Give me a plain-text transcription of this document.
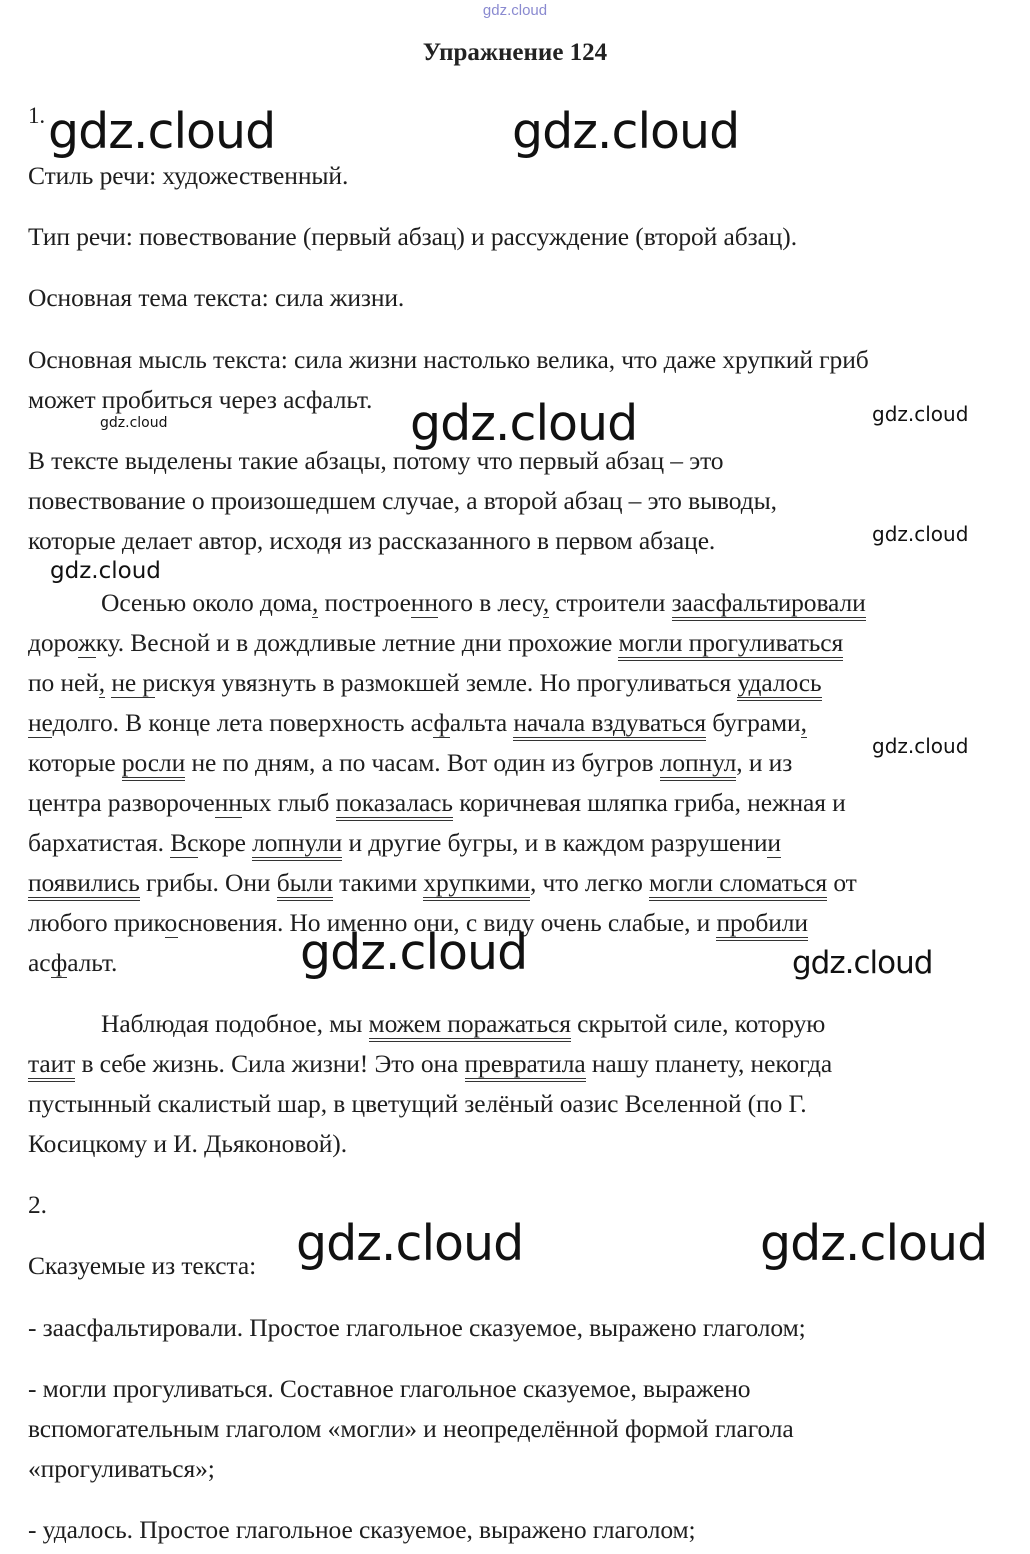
gdz.cloud
Упражнение 124

1.

Стиль речи: художественный.

Тип речи: повествование (первый абзац) и рассуждение (второй абзац).

Основная тема текста: сила жизни.

Основная мысль текста: сила жизни настолько велика, что даже хрупкий гриб

может пробиться через асфальт.

В тексте выделены такие абзацы, потому что первый абзац – это

повествование о произошедшем случае, а второй абзац – это выводы,

которые делает автор, исходя из рассказанного в первом абзаце.

Осенью около дома, построенного в лесу, строители заасфальтировали

дорожку. Весной и в дождливые летние дни прохожие могли прогуливаться

по ней, не рискуя увязнуть в размокшей земле. Но прогуливаться удалось

недолго. В конце лета поверхность асфальта начала вздуваться буграми,

которые росли не по дням, а по часам. Вот один из бугров лопнул, и из

центра развороченных глыб показалась коричневая шляпка гриба, нежная и

бархатистая. Вскоре лопнули и другие бугры, и в каждом разрушении

появились грибы. Они были такими хрупкими, что легко могли сломаться от

любого прикосновения. Но именно они, с виду очень слабые, и пробили

асфальт.

Наблюдая подобное, мы можем поражаться скрытой силе, которую

таит в себе жизнь. Сила жизни! Это она превратила нашу планету, некогда

пустынный скалистый шар, в цветущий зелёный оазис Вселенной (по Г.

Косицкому и И. Дьяконовой).

2.

Сказуемые из текста:

- заасфальтировали. Простое глагольное сказуемое, выражено глаголом;

- могли прогуливаться. Составное глагольное сказуемое, выражено

вспомогательным глаголом «могли» и неопределённой формой глагола

«прогуливаться»;

- удалось. Простое глагольное сказуемое, выражено глаголом;

gdz.cloud	gdz.cloud
gdz.cloud	gdz.cloud	gdz.cloud
gdz.cloud
gdz.cloud
gdz.cloud
gdz.cloud	gdz.cloud
gdz.cloud	gdz.cloud
